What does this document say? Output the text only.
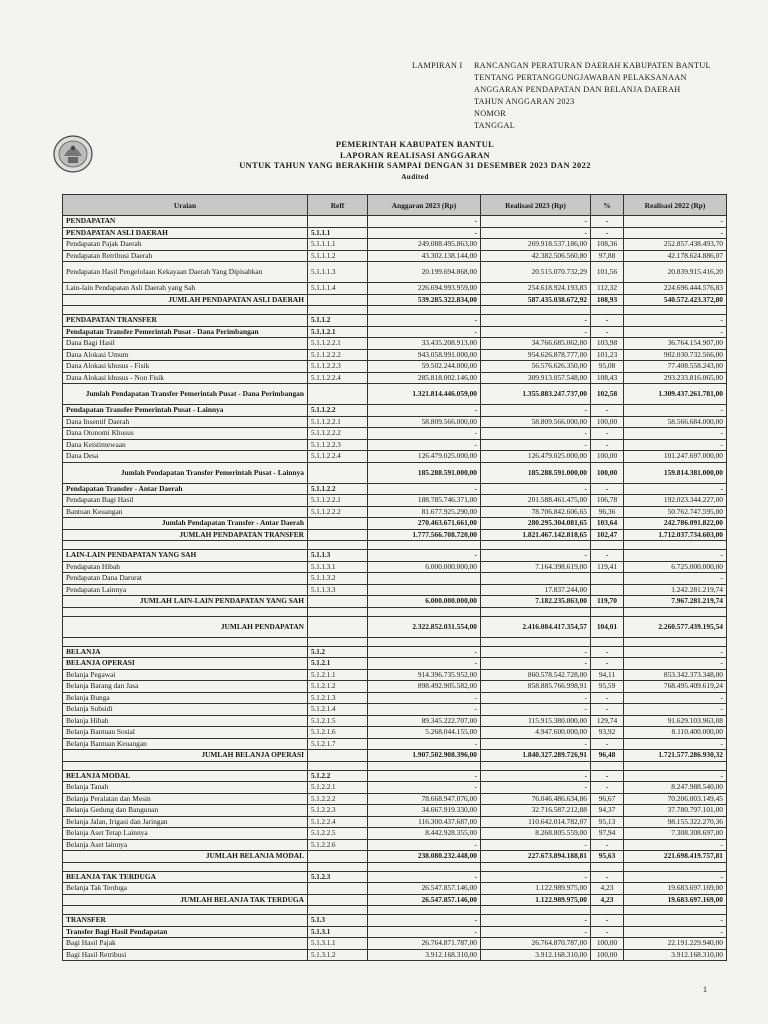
LAMPIRAN I	RANCANGAN PERATURAN DAERAH KABUPATEN BANTUL
TENTANG PERTANGGUNGJAWABAN PELAKSANAAN
ANGGARAN PENDAPATAN DAN BELANJA DAERAH
TAHUN ANGGARAN 2023
NOMOR
TANGGAL
PEMERINTAH KABUPATEN BANTUL
LAPORAN REALISASI ANGGARAN
UNTUK TAHUN YANG BERAKHIR SAMPAI DENGAN 31 DESEMBER 2023 DAN 2022
Audited
Uraian	Reff	Anggaran 2023 (Rp)	Realisasi 2023 (Rp)	%	Realisasi 2022 (Rp)
PENDAPATAN		-	-	-	-
PENDAPATAN ASLI DAERAH	5.1.1.1	-	-	-	-
Pendapatan Pajak Daerah	5.1.1.1.1	249.088.495.863,00	269.918.537.186,00	108,36	252.857.438.493,70
Pendapatan Retribusi Daerah	5.1.1.1.2	43.302.138.144,00	42.382.506.560,80	97,88	42.178.624.886,07
Pendapatan Hasil Pengelolaan Kekayaan Daerah Yang Dipisahkan	5.1.1.1.3	20.199.694.868,00	20.515.070.732,29	101,56	20.839.915.416,20
Lain-lain Pendapatan Asli Daerah yang Sah	5.1.1.1.4	226.694.993.959,00	254.618.924.193,83	112,32	224.696.444.576,83
JUMLAH PENDAPATAN ASLI DAERAH		539.285.322.834,00	587.435.038.672,92	108,93	540.572.423.372,80

PENDAPATAN TRANSFER	5.1.1.2	-	-	-	-
Pendapatan Transfer Pemerintah Pusat - Dana Perimbangan	5.1.1.2.1	-	-	-	-
Dana Bagi Hasil	5.1.1.2.2.1	33.435.208.913,00	34.766.685.062,00	103,98	36.764.154.907,00
Dana Alokasi Umum	5.1.1.2.2.2	943.058.991.000,00	954.626.878.777,00	101,23	902.030.732.566,00
Dana Alokasi khusus - Fisik	5.1.1.2.2.3	59.502.244.000,00	56.576.626.350,00	95,08	77.408.558.243,00
Dana Alokasi khusus - Non Fisik	5.1.1.2.2.4	285.818.002.146,00	309.913.057.548,00	108,43	293.233.816.065,00
Jumlah Pendapatan Transfer Pemerintah Pusat - Dana Perimbangan		1.321.814.446.059,00	1.355.883.247.737,00	102,58	1.309.437.261.781,00
Pendapatan Transfer Pemerintah Pusat - Lainnya	5.1.1.2.2	-	-	-	-
Dana Insentif Daerah	5.1.1.2.2.1	58.809.566.000,00	58.809.566.000,00	100,00	58.566.684.000,00
Dana Otonomi Khusus	5.1.1.2.2.2	-	-	-	-
Dana Keistimewaan	5.1.1.2.2.3	-	-	-	-
Dana Desa	5.1.1.2.2.4	126.479.025.000,00	126.479.025.000,00	100,00	101.247.697.000,00
Jumlah Pendapatan Transfer Pemerintah Pusat - Lainnya		185.288.591.000,00	185.288.591.000,00	100,00	159.814.381.000,00
Pendapatan Transfer - Antar Daerah	5.1.1.2.2	-	-	-	-
Pendapatan Bagi Hasil	5.1.1.2.2.1	188.785.746.371,00	201.588.461.475,00	106,78	192.023.344.227,00
Bantuan Keuangan	5.1.1.2.2.2	81.677.925.290,00	78.706.842.606,65	96,36	50.762.747.595,00
Jumlah Pendapatan Transfer - Antar Daerah		270.463.671.661,00	280.295.304.081,65	103,64	242.786.091.822,00
JUMLAH PENDAPATAN TRANSFER		1.777.566.708.720,00	1.821.467.142.818,65	102,47	1.712.037.734.603,00

LAIN-LAIN PENDAPATAN YANG SAH	5.1.1.3	-	-	-	-
Pendapatan Hibah	5.1.1.3.1	6.000.000.000,00	7.164.398.619,00	119,41	6.725.000.000,00
Pendapatan Dana Darurat	5.1.1.3.2				-
Pendapatan Lainnya	5.1.1.3.3		17.837.244,00		1.242.281.219,74
JUMLAH LAIN-LAIN PENDAPATAN YANG SAH		6.000.000.000,00	7.182.235.863,00	119,70	7.967.281.219,74

JUMLAH PENDAPATAN		2.322.852.031.554,00	2.416.084.417.354,57	104,01	2.260.577.439.195,54

BELANJA	5.1.2	-	-	-	-
BELANJA OPERASI	5.1.2.1	-	-	-	-
Belanja Pegawai	5.1.2.1.1	914.396.735.952,00	860.578.542.728,00	94,11	853.342.373.348,00
Belanja Barang dan Jasa	5.1.2.1.2	898.492.905.582,00	858.885.766.998,91	95,59	768.495.409.619,24
Belanja Bunga	5.1.2.1.3	-	-	-	-
Belanja Subsidi	5.1.2.1.4	-	-	-	-
Belanja Hibah	5.1.2.1.5	89.345.222.707,00	115.915.380.000,00	129,74	91.629.103.963,08
Belanja Bantuan Sosial	5.1.2.1.6	5.268.044.155,00	4.947.600.000,00	93,92	8.110.400.000,00
Belanja Bantuan Keuangan	5.1.2.1.7	-	-	-	-
JUMLAH BELANJA OPERASI		1.907.502.908.396,00	1.840.327.289.726,91	96,48	1.721.577.286.930,32

BELANJA MODAL	5.1.2.2	-	-	-	-
Belanja Tanah	5.1.2.2.1	-	-	-	8.247.988.540,00
Belanja Peralatan dan Mesin	5.1.2.2.2	78.668.947.076,00	76.046.486.634,86	96,67	70.206.003.149,45
Belanja Gedung dan Bangunan	5.1.2.2.3	34.667.919.330,00	32.716.587.212,88	94,37	37.780.797.101,00
Belanja Jalan, Irigasi dan Jaringan	5.1.2.2.4	116.300.437.687,00	110.642.014.782,07	95,13	98.155.322.270,36
Belanja Aset Tetap Lainnya	5.1.2.2.5	8.442.928.355,00	8.268.805.559,00	97,94	7.308.308.697,00
Belanja Aset lainnya	5.1.2.2.6	-	-	-	-
JUMLAH BELANJA MODAL		238.080.232.448,00	227.673.894.188,81	95,63	221.698.419.757,81

BELANJA TAK TERDUGA	5.1.2.3	-	-	-	-
Belanja Tak Terduga		26.547.857.146,00	1.122.989.975,00	4,23	19.683.697.169,00
JUMLAH BELANJA TAK TERDUGA		26.547.857.146,00	1.122.989.975,00	4,23	19.683.697.169,00

TRANSFER	5.1.3	-	-	-	-
Transfer Bagi Hasil Pendapatan	5.1.3.1	-	-	-	-
Bagi Hasil Pajak	5.1.3.1.1	26.764.871.787,00	26.764.870.787,00	100,00	22.191.229.940,00
Bagi Hasil Retribusi	5.1.3.1.2	3.912.168.310,00	3.912.168.310,00	100,00	3.912.168.310,00
1
